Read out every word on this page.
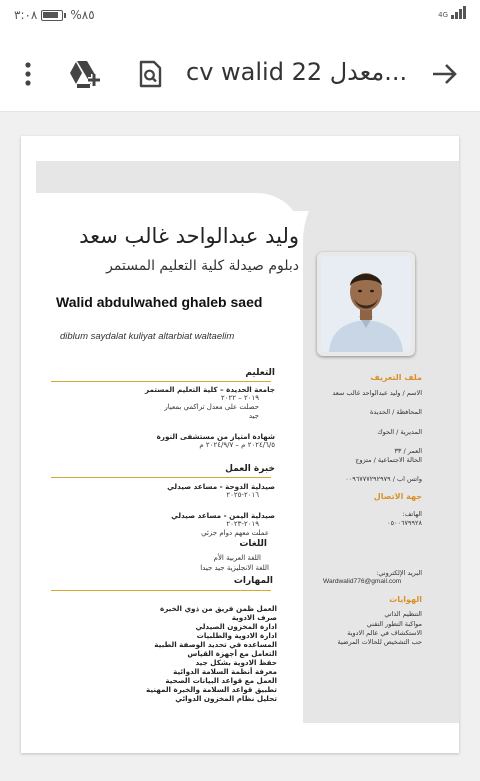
٣:٠٨	%٨٥	4G
cv walid 22 معدل...
وليد عبدالواحد غالب سعد
دبلوم صيدلة كلية التعليم المستمر
Walid abdulwahed ghaleb saed
diblum saydalat kuliyat altarbiat waltaelim
التعليم
جامعة الحديدة – كلية التعليم المستمر
٢٠١٩ – ٢٠٢٢
حصلت على معدل تراكمي بمعيار
جيد
شهادة امتياز من مستشفى النورة
٢٠٢٤/٦/٥ م – ٢٠٢٤/٩/٧ م
خبرة العمل
صيدلية الدوحة - مساعد صيدلي
٢٠١٦-٢٠٢٥
صيدلية اليمن - مساعد صيدلي
٢٠١٩-٢٠٢٣
عملت معهم دوام جزئي
اللغات
اللغة العربية الأم
اللغة الانجليزية جيد جيدا
المهارات
العمل ظمن فريق من ذوي الخبرة
صرف الادوية
ادارة المخزون الصيدلي
ادارة الادوية والطلبيات
المساعده في تحديد الوصفة الطبية
التعامل مع أجهزة القياس
حفظ الادوية بشكل جيد
معرفة أنظمة السلامة الدوائية
العمل مع قواعد البيانات الصحية
تطبيق قواعد السلامة والخبرة المهنية
تحليل نظام المخزون الدوائي
ملف التعريف
الاسم / وليد عبدالواحد غالب سعد
المحافظة / الحديدة
المديرية / الحوك
العمر / ٣٣
الحالة الاجتماعية / متزوج
واتس اب / ٠٠٩٦٧٧٧٢٩٢٩٧٩
جهة الاتصال
الهاتف:
٠٥٠٠٦٧٩٩٢٨
البريد الإلكتروني:
Wardwalid776@gmail.com
الهوايات
التنظيم الذاتي
مواكبة التطور التقني
الاستكشاف في عالم الادوية
حب التشخيص للحالات المرضية
